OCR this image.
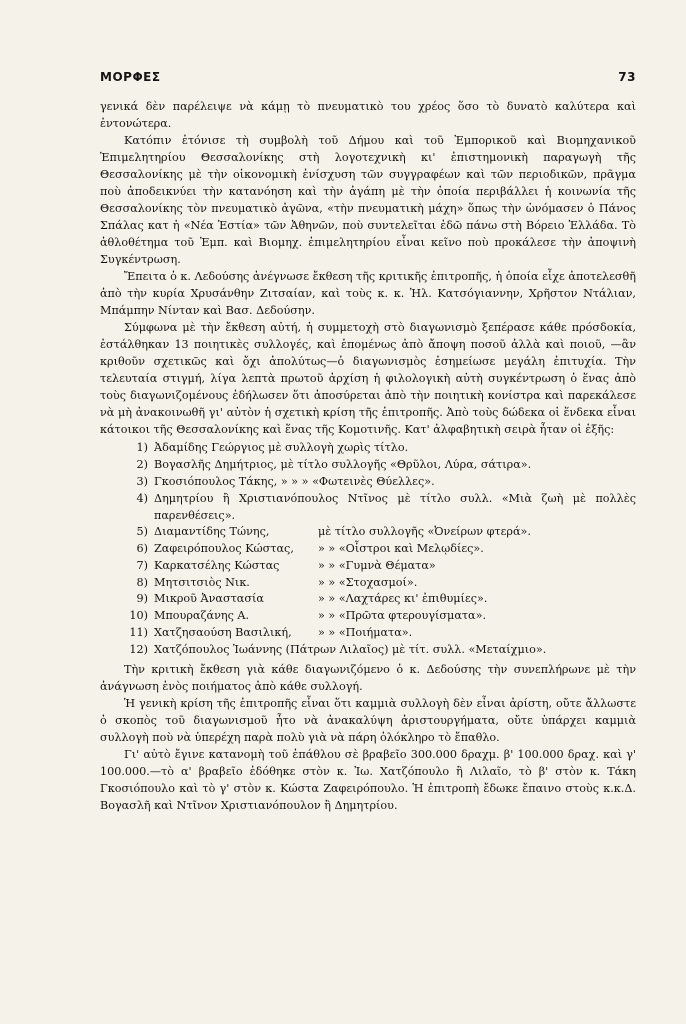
ΜΟΡΦΕΣ	73

γενικά δὲν παρέλειψε νὰ κάμῃ τὸ πνευματικὸ του χρέος ὅσο τὸ δυνατὸ καλύτερα καὶ ἐντονώτερα.

Κατόπιν ἐτόνισε τὴ συμβολὴ τοῦ Δήμου καὶ τοῦ Ἐμπορικοῦ καὶ Βιομηχανικοῦ Ἐπιμελητηρίου Θεσσαλονίκης στὴ λογοτεχνικὴ κι' ἐπιστημονικὴ παραγωγὴ τῆς Θεσσαλονίκης μὲ τὴν οἰκονομικὴ ἐνίσχυση τῶν συγγραφέων καὶ τῶν περιοδικῶν, πρᾶγμα ποὺ ἀποδεικνύει τὴν κατανόηση καὶ τὴν ἀγάπη μὲ τὴν ὁποία περιβάλλει ἡ κοινωνία τῆς Θεσσαλονίκης τὸν πνευματικὸ ἀγῶνα, «τὴν πνευματικὴ μάχη» ὅπως τὴν ὠνόμασεν ὁ Πάνος Σπάλας κατ ἡ «Νέα Ἑστία» τῶν Ἀθηνῶν, ποὺ συντελεῖται ἐδῶ πάνω στὴ Βόρειο Ἑλλάδα. Τὸ ἀθλοθέτημα τοῦ Ἐμπ. καὶ Βιομηχ. ἐπιμελητηρίου εἶναι κεῖνο ποὺ προκάλεσε τὴν ἀποψινὴ Συγκέντρωση.

Ἔπειτα ὁ κ. Λεδούσης ἀνέγνωσε ἔκθεση τῆς κριτικῆς ἐπιτροπῆς, ἡ ὁποία εἶχε ἀποτελεσθῆ ἀπὸ τὴν κυρία Χρυσάνθην Ζιτσαίαν, καὶ τοὺς κ. κ. Ἠλ. Κατσόγιαννην, Χρῆστον Ντάλιαν, Μπάμπην Νίνταν καὶ Βασ. Δεδούσην.

Σύμφωνα μὲ τὴν ἔκθεση αὐτή, ἡ συμμετοχὴ στὸ διαγωνισμὸ ξεπέρασε κάθε πρόσδοκία, ἐστάλθηκαν 13 ποιητικὲς συλλογές, καὶ ἑπομένως ἀπὸ ἄποψη ποσοῦ ἀλλὰ καὶ ποιοῦ, —ἂν κριθοῦν σχετικῶς καὶ ὄχι ἀπολύτως—ὁ διαγωνισμὸς ἐσημείωσε μεγάλη ἐπιτυχία. Τὴν τελευταία στιγμή, λίγα λεπτὰ πρωτοῦ ἀρχίση ἡ φιλολογικὴ αὐτὴ συγκέντρωση ὁ ἕνας ἀπὸ τοὺς διαγωνιζομένους ἐδήλωσεν ὅτι ἀποσύρεται ἀπὸ τὴν ποιητικὴ κονίστρα καὶ παρεκάλεσε νὰ μὴ ἀνακοινωθῆ γι' αὐτὸν ἡ σχετικὴ κρίση τῆς ἐπιτροπῆς. Ἀπὸ τοὺς δώδεκα οἱ ἕνδεκα εἶναι κάτοικοι τῆς Θεσσαλονίκης καὶ ἕνας τῆς Κομοτινῆς. Κατ' ἀλφαβητικὴ σειρὰ ἦταν οἱ ἑξῆς:

1) Ἀδαμίδης Γεώργιος μὲ συλλογὴ χωρὶς τίτλο.
2) Βογασλῆς Δημήτριος, μὲ τίτλο συλλογῆς «Θρῦλοι, Λύρα, σάτιρα».
3) Γκοσιόπουλος Τάκης, » » » «Φωτεινὲς Θύελλες».
4) Δημητρίου ἢ Χριστιανόπουλος Ντῖνος μὲ τίτλο συλλ. «Μιὰ ζωὴ μὲ πολλὲς παρενθέσεις».
5) Διαμαντίδης Τώνης,	μὲ τίτλο συλλογῆς «Ὀνείρων φτερά».
6) Ζαφειρόπουλος Κώστας,	» » «Οἶστροι καὶ Μελῳδίες».
7) Καρκατσέλης Κώστας	» » «Γυμνὰ Θέματα»
8) Μητσιτσιὸς Νικ.	» » «Στοχασμοί».
9) Μικροῦ Ἀναστασία	» » «Λαχτάρες κι' ἐπιθυμίες».
10) Μπουραζάνης Α.	» » «Πρῶτα φτερουγίσματα».
11) Χατζησαούση Βασιλική,	» » «Ποιήματα».
12) Χατζόπουλος Ἰωάννης (Πάτρων Λιλαῖος) μὲ τίτ. συλλ. «Μεταίχμιο».

Τὴν κριτικὴ ἔκθεση γιὰ κάθε διαγωνιζόμενο ὁ κ. Δεδούσης τὴν συνεπλήρωνε μὲ τὴν ἀνάγνωση ἑνὸς ποιήματος ἀπὸ κάθε συλλογή.

Ἡ γενικὴ κρίση τῆς ἐπιτροπῆς εἶναι ὅτι καμμιὰ συλλογὴ δὲν εἶναι ἀρίστη, οὔτε ἄλλωστε ὁ σκοπὸς τοῦ διαγωνισμοῦ ἦτο νὰ ἀνακαλύψη ἀριστουργήματα, οὔτε ὑπάρχει καμμιὰ συλλογὴ ποὺ νὰ ὑπερέχη παρὰ πολὺ γιὰ νὰ πάρη ὁλόκληρο τὸ ἔπαθλο.

Γι' αὐτὸ ἔγινε κατανομὴ τοῦ ἐπάθλου σὲ βραβεῖο 300.000 δραχμ. β' 100.000 δραχ. καὶ γ' 100.000.—τὸ α' βραβεῖο ἐδόθηκε στὸν κ. Ἰω. Χατζόπουλο ἢ Λιλαῖο, τὸ β' στὸν κ. Τάκη Γκοσιόπουλο καὶ τὸ γ' στὸν κ. Κώστα Ζαφειρόπουλο. Ἡ ἐπιτροπὴ ἔδωκε ἔπαινο στοὺς κ.κ.Δ. Βογασλῆ καὶ Ντῖνον Χριστιανόπουλον ἢ Δημητρίου.
